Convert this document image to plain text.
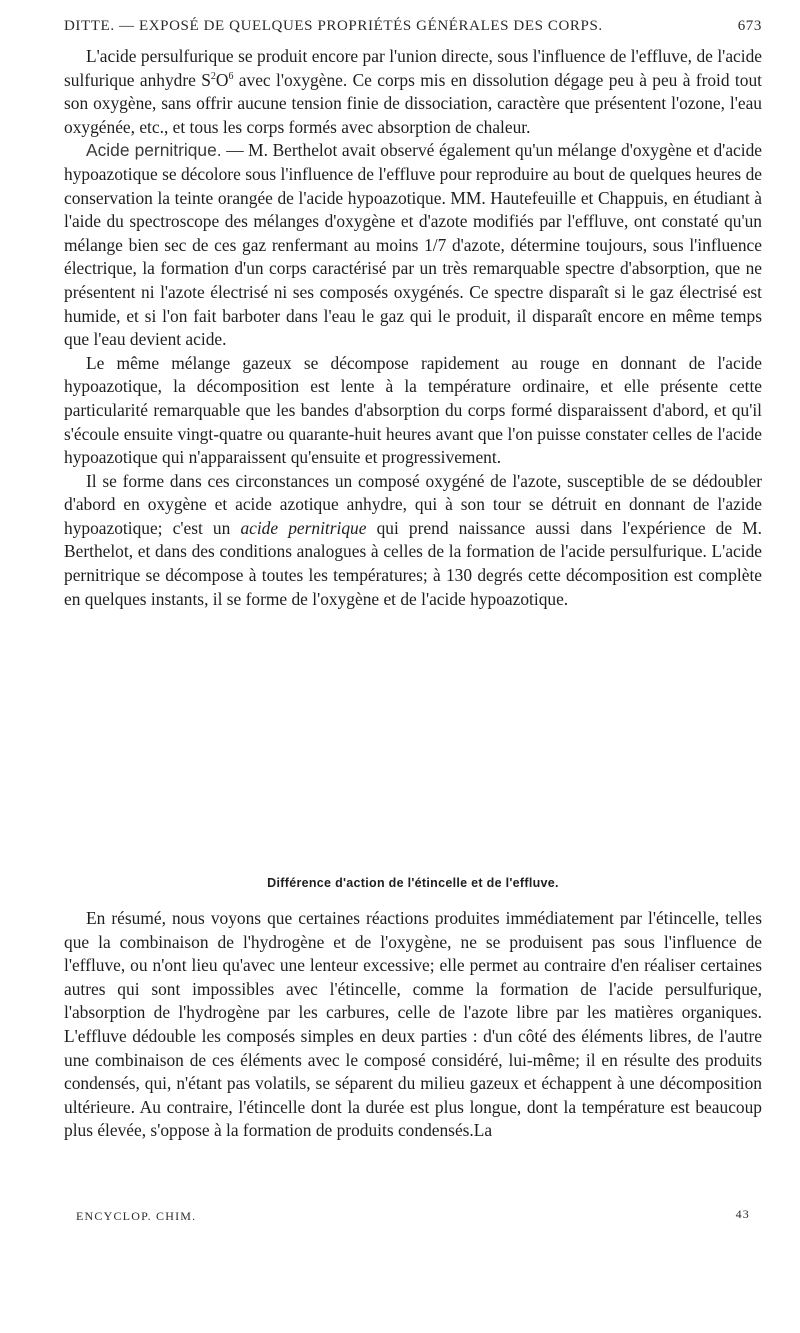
DITTE. — EXPOSÉ DE QUELQUES PROPRIÉTÉS GÉNÉRALES DES CORPS.	673

L'acide persulfurique se produit encore par l'union directe, sous l'influence de l'effluve, de l'acide sulfurique anhydre $S^2O^6$ avec l'oxygène. Ce corps mis en dissolution dégage peu à peu à froid tout son oxygène, sans offrir aucune tension finie de dissociation, caractère que présentent l'ozone, l'eau oxygénée, etc., et tous les corps formés avec absorption de chaleur.

Acide pernitrique. — M. Berthelot avait observé également qu'un mélange d'oxygène et d'acide hypoazotique se décolore sous l'influence de l'effluve pour reproduire au bout de quelques heures de conservation la teinte orangée de l'acide hypoazotique. MM. Hautefeuille et Chappuis, en étudiant à l'aide du spectroscope des mélanges d'oxygène et d'azote modifiés par l'effluve, ont constaté qu'un mélange bien sec de ces gaz renfermant au moins 1/7 d'azote, détermine toujours, sous l'influence électrique, la formation d'un corps caractérisé par un très remarquable spectre d'absorption, que ne présentent ni l'azote électrisé ni ses composés oxygénés. Ce spectre disparaît si le gaz électrisé est humide, et si l'on fait barboter dans l'eau le gaz qui le produit, il disparaît encore en même temps que l'eau devient acide.

Le même mélange gazeux se décompose rapidement au rouge en donnant de l'acide hypoazotique, la décomposition est lente à la température ordinaire, et elle présente cette particularité remarquable que les bandes d'absorption du corps formé disparaissent d'abord, et qu'il s'écoule ensuite vingt-quatre ou quarante-huit heures avant que l'on puisse constater celles de l'acide hypoazotique qui n'apparaissent qu'ensuite et progressivement.

Il se forme dans ces circonstances un composé oxygéné de l'azote, susceptible de se dédoubler d'abord en oxygène et acide azotique anhydre, qui à son tour se détruit en donnant de l'azide hypoazotique; c'est un acide pernitrique qui prend naissance aussi dans l'expérience de M. Berthelot, et dans des conditions analogues à celles de la formation de l'acide persulfurique. L'acide pernitrique se décompose à toutes les températures; à 130 degrés cette décomposition est complète en quelques instants, il se forme de l'oxygène et de l'acide hypoazotique.

Différence d'action de l'étincelle et de l'effluve.

En résumé, nous voyons que certaines réactions produites immédiatement par l'étincelle, telles que la combinaison de l'hydrogène et de l'oxygène, ne se produisent pas sous l'influence de l'effluve, ou n'ont lieu qu'avec une lenteur excessive; elle permet au contraire d'en réaliser certaines autres qui sont impossibles avec l'étincelle, comme la formation de l'acide persulfurique, l'absorption de l'hydrogène par les carbures, celle de l'azote libre par les matières organiques. L'effluve dédouble les composés simples en deux parties : d'un côté des éléments libres, de l'autre une combinaison de ces éléments avec le composé considéré, lui-même; il en résulte des produits condensés, qui, n'étant pas volatils, se séparent du milieu gazeux et échappent à une décomposition ultérieure. Au contraire, l'étincelle dont la durée est plus longue, dont la température est beaucoup plus élevée, s'oppose à la formation de produits condensés.La

ENCYCLOP. CHIM.	43
